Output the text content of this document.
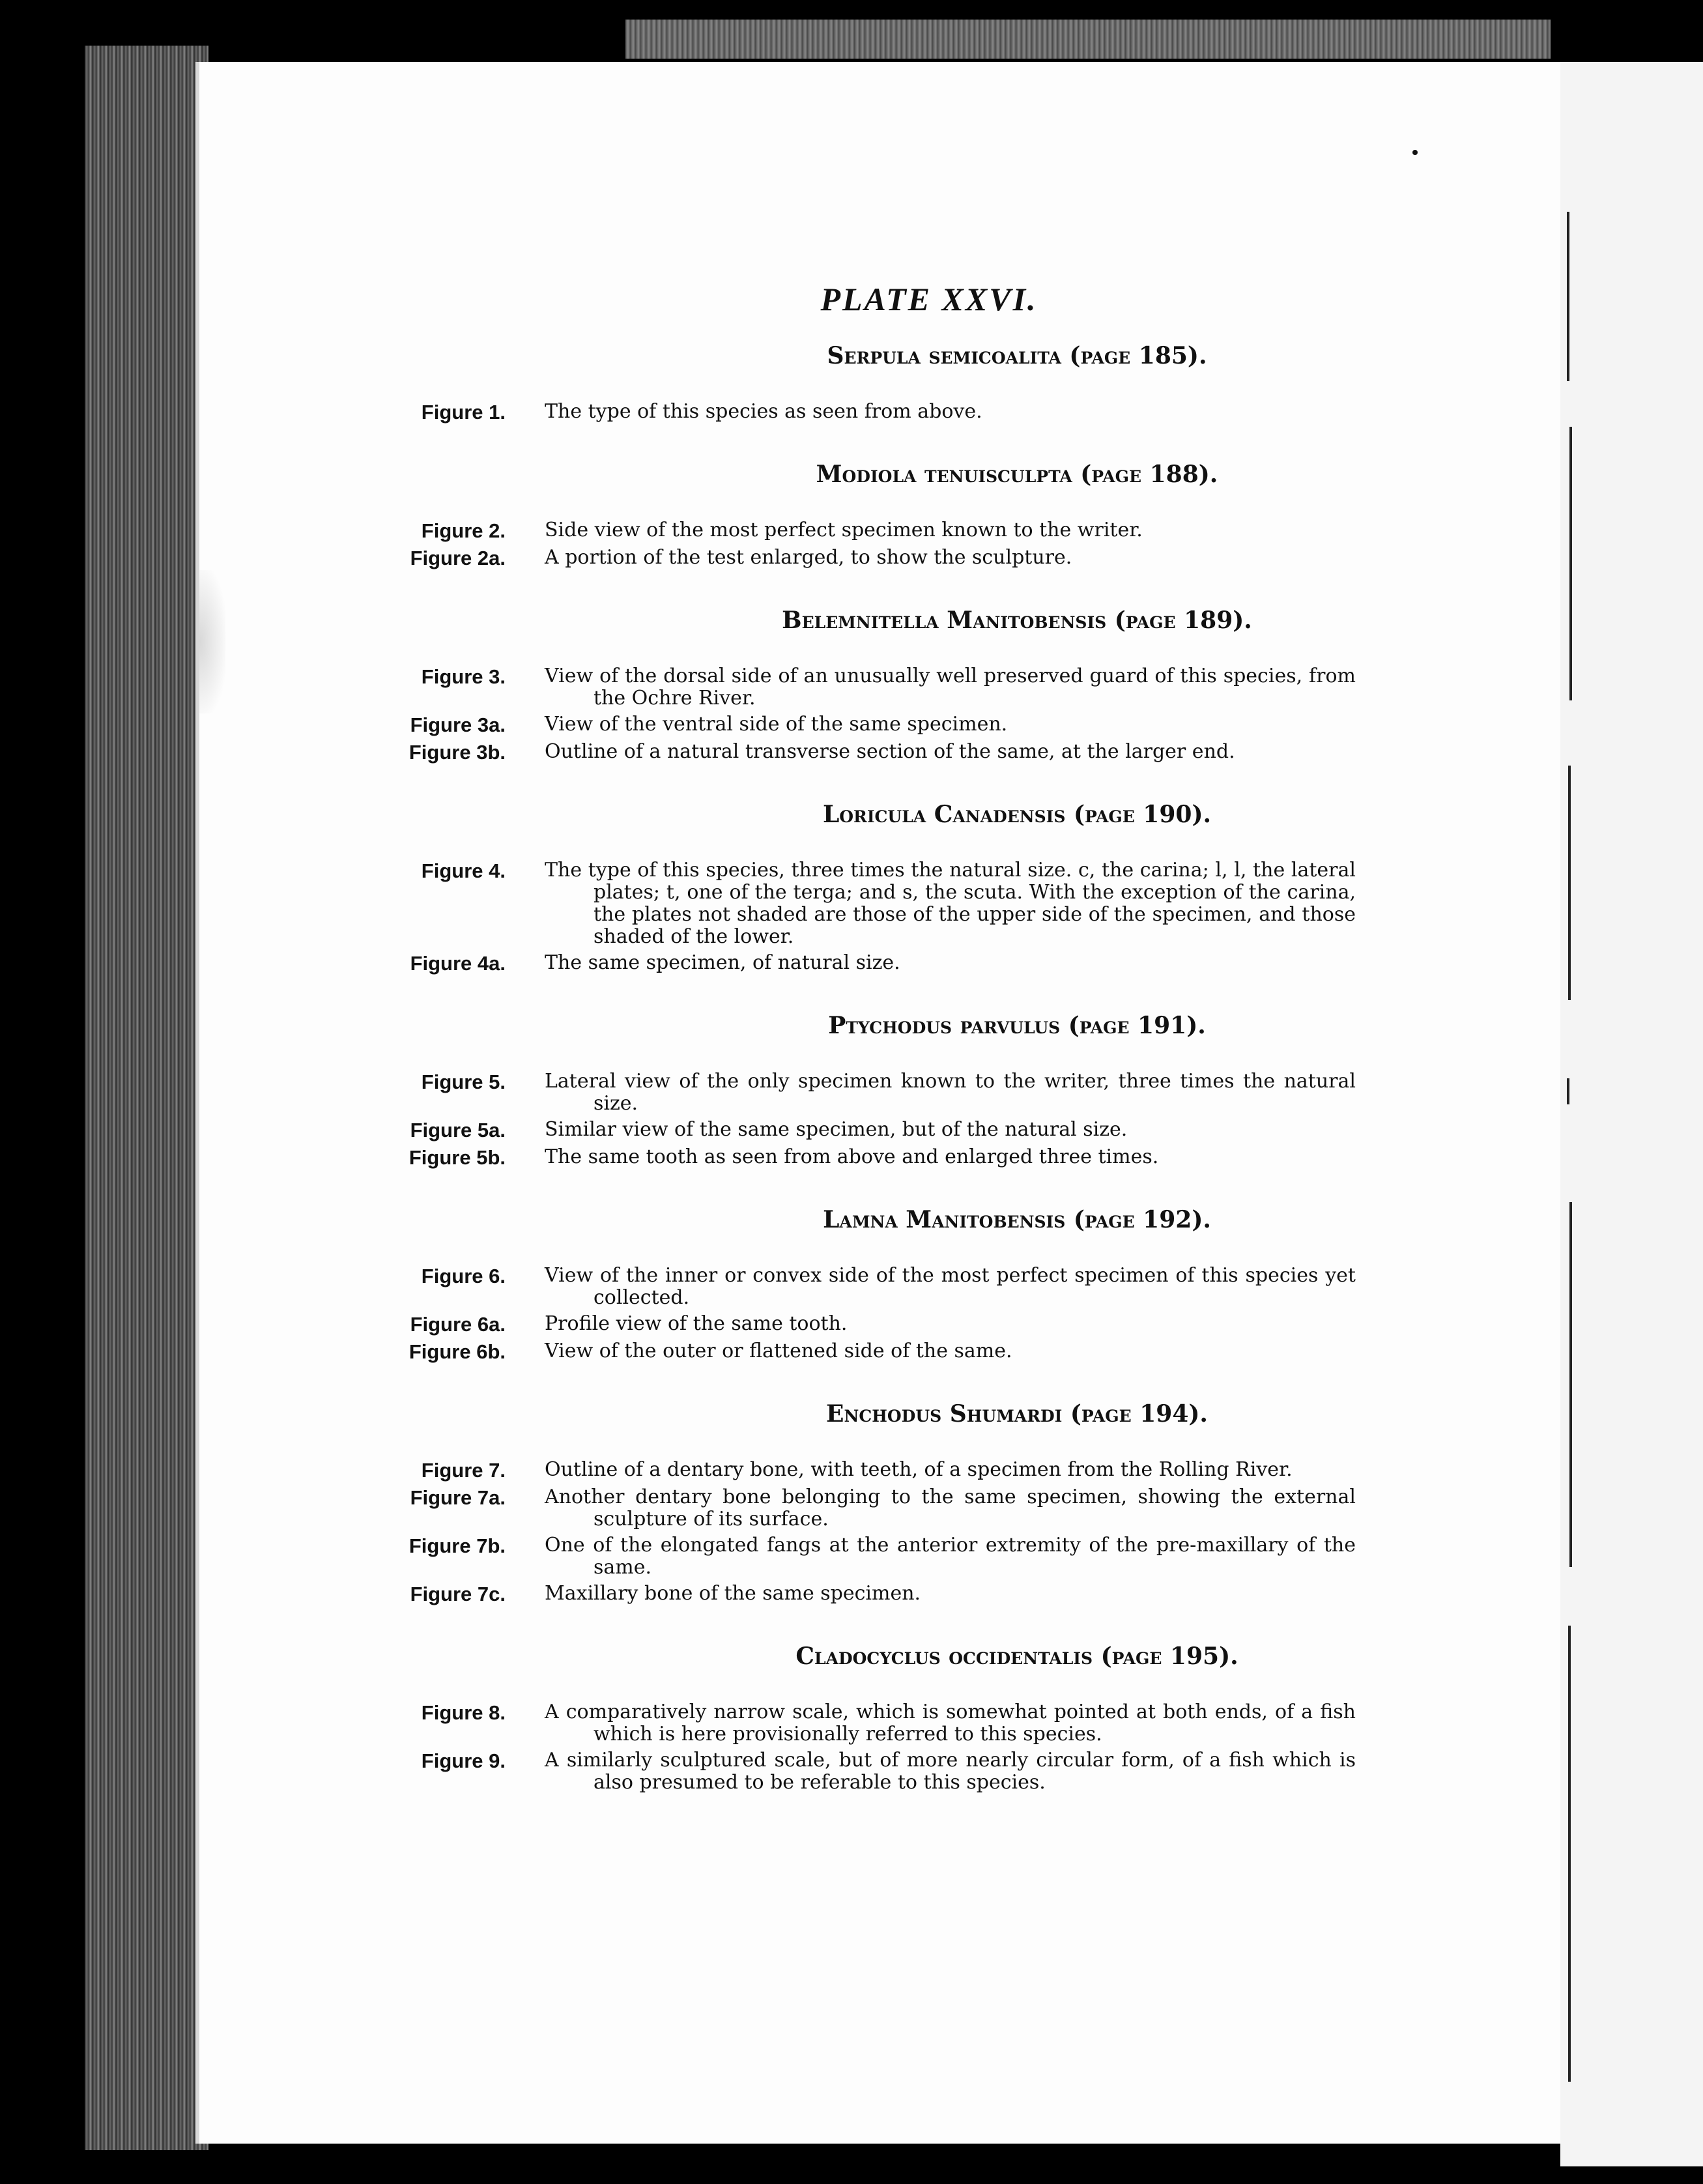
PLATE XXVI.
Serpula semicoalita (page 185).
Figure 1.	The type of this species as seen from above.
Modiola tenuisculpta (page 188).
Figure 2.	Side view of the most perfect specimen known to the writer.
Figure 2a.	A portion of the test enlarged, to show the sculpture.
Belemnitella Manitobensis (page 189).
Figure 3.	View of the dorsal side of an unusually well preserved guard of this species, from the Ochre River.
Figure 3a.	View of the ventral side of the same specimen.
Figure 3b.	Outline of a natural transverse section of the same, at the larger end.
Loricula Canadensis (page 190).
Figure 4.	The type of this species, three times the natural size. c, the carina; l, l, the lateral plates; t, one of the terga; and s, the scuta. With the exception of the carina, the plates not shaded are those of the upper side of the specimen, and those shaded of the lower.
Figure 4a.	The same specimen, of natural size.
Ptychodus parvulus (page 191).
Figure 5.	Lateral view of the only specimen known to the writer, three times the natural size.
Figure 5a.	Similar view of the same specimen, but of the natural size.
Figure 5b.	The same tooth as seen from above and enlarged three times.
Lamna Manitobensis (page 192).
Figure 6.	View of the inner or convex side of the most perfect specimen of this species yet collected.
Figure 6a.	Profile view of the same tooth.
Figure 6b.	View of the outer or flattened side of the same.
Enchodus Shumardi (page 194).
Figure 7.	Outline of a dentary bone, with teeth, of a specimen from the Rolling River.
Figure 7a.	Another dentary bone belonging to the same specimen, showing the external sculpture of its surface.
Figure 7b.	One of the elongated fangs at the anterior extremity of the pre-maxillary of the same.
Figure 7c.	Maxillary bone of the same specimen.
Cladocyclus occidentalis (page 195).
Figure 8.	A comparatively narrow scale, which is somewhat pointed at both ends, of a fish which is here provisionally referred to this species.
Figure 9.	A similarly sculptured scale, but of more nearly circular form, of a fish which is also presumed to be referable to this species.
